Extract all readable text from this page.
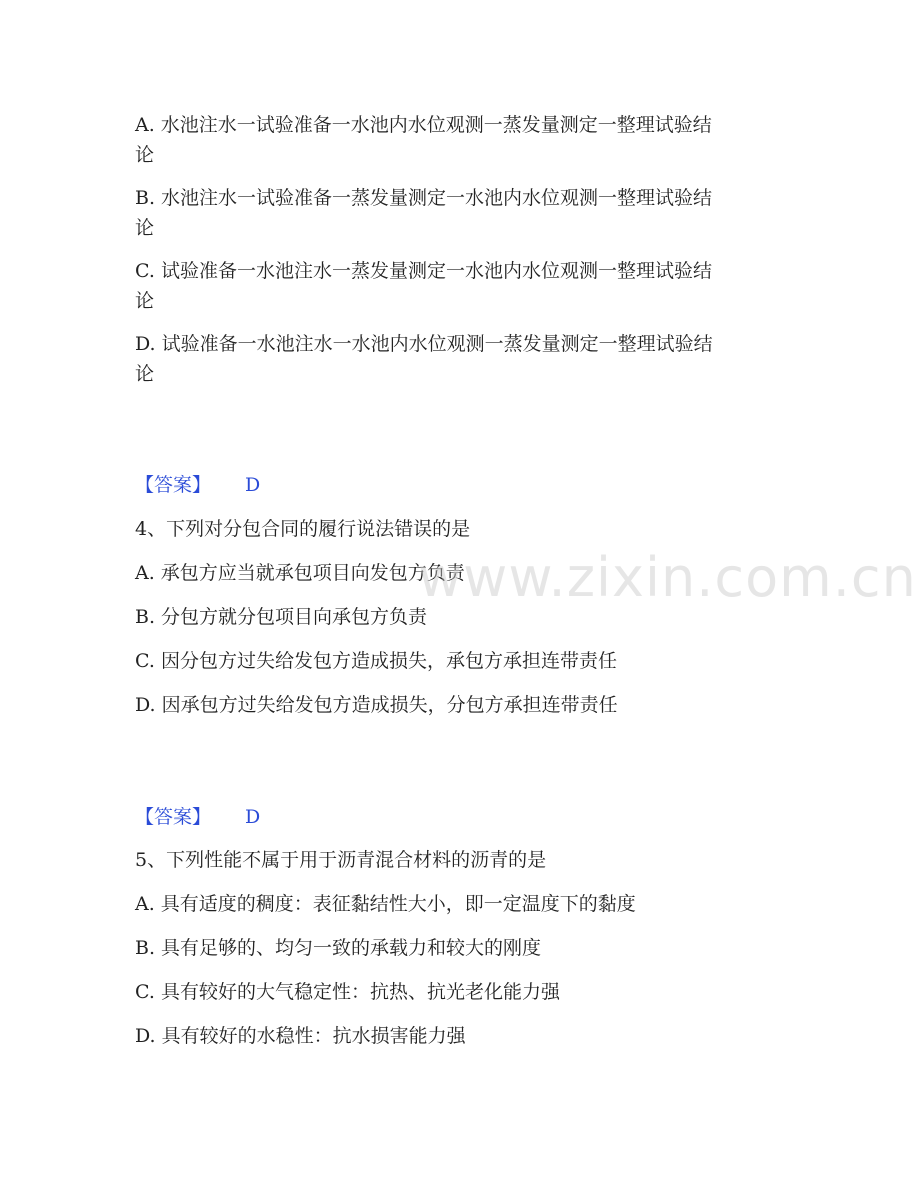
A. 水池注水一试验准备一水池内水位观测一蒸发量测定一整理试验结
论
B. 水池注水一试验准备一蒸发量测定一水池内水位观测一整理试验结
论
C. 试验准备一水池注水一蒸发量测定一水池内水位观测一整理试验结
论
D. 试验准备一水池注水一水池内水位观测一蒸发量测定一整理试验结
论
【答案】 D
4、下列对分包合同的履行说法错误的是
A. 承包方应当就承包项目向发包方负责
B. 分包方就分包项目向承包方负责
C. 因分包方过失给发包方造成损失，承包方承担连带责任
D. 因承包方过失给发包方造成损失，分包方承担连带责任
【答案】 D
5、下列性能不属于用于沥青混合材料的沥青的是
A. 具有适度的稠度：表征黏结性大小，即一定温度下的黏度
B. 具有足够的、均匀一致的承载力和较大的刚度
C. 具有较好的大气稳定性：抗热、抗光老化能力强
D. 具有较好的水稳性：抗水损害能力强
www.zixin.com.cn
